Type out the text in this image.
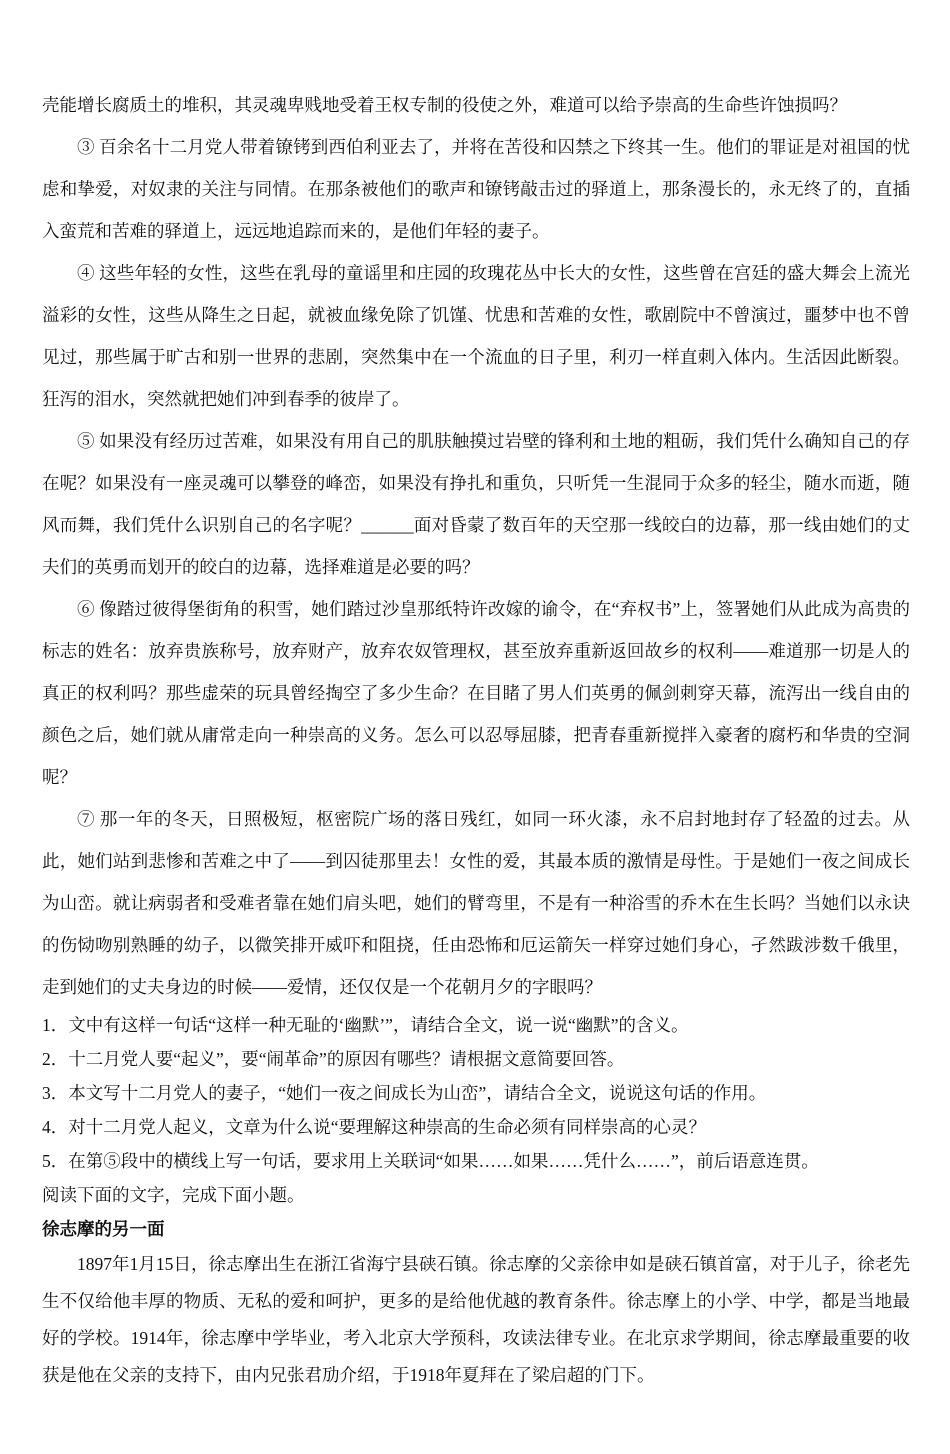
壳能增长腐质土的堆积，其灵魂卑贱地受着王权专制的役使之外，难道可以给予崇高的生命些许蚀损吗？

③ 百余名十二月党人带着镣铐到西伯利亚去了，并将在苦役和囚禁之下终其一生。他们的罪证是对祖国的忧虑和挚爱，对奴隶的关注与同情。在那条被他们的歌声和镣铐敲击过的驿道上，那条漫长的，永无终了的，直插入蛮荒和苦难的驿道上，远远地追踪而来的，是他们年轻的妻子。

④ 这些年轻的女性，这些在乳母的童谣里和庄园的玫瑰花丛中长大的女性，这些曾在宫廷的盛大舞会上流光溢彩的女性，这些从降生之日起，就被血缘免除了饥馑、忧患和苦难的女性，歌剧院中不曾演过，噩梦中也不曾见过，那些属于旷古和别一世界的悲剧，突然集中在一个流血的日子里，利刃一样直刺入体内。生活因此断裂。狂泻的泪水，突然就把她们冲到春季的彼岸了。

⑤ 如果没有经历过苦难，如果没有用自己的肌肤触摸过岩壁的锋利和土地的粗砺，我们凭什么确知自己的存在呢？如果没有一座灵魂可以攀登的峰峦，如果没有挣扎和重负，只听凭一生混同于众多的轻尘，随水而逝，随风而舞，我们凭什么识别自己的名字呢？______面对昏蒙了数百年的天空那一线皎白的边幕，那一线由她们的丈夫们的英勇而划开的皎白的边幕，选择难道是必要的吗？

⑥ 像踏过彼得堡街角的积雪，她们踏过沙皇那纸特许改嫁的谕令，在“弃权书”上，签署她们从此成为高贵的标志的姓名：放弃贵族称号，放弃财产，放弃农奴管理权，甚至放弃重新返回故乡的权利——难道那一切是人的真正的权利吗？那些虚荣的玩具曾经掏空了多少生命？在目睹了男人们英勇的佩剑刺穿天幕，流泻出一线自由的颜色之后，她们就从庸常走向一种崇高的义务。怎么可以忍辱屈膝，把青春重新搅拌入豪奢的腐朽和华贵的空洞呢？

⑦ 那一年的冬天，日照极短，枢密院广场的落日残红，如同一环火漆，永不启封地封存了轻盈的过去。从此，她们站到悲惨和苦难之中了——到囚徒那里去！女性的爱，其最本质的激情是母性。于是她们一夜之间成长为山峦。就让病弱者和受难者靠在她们肩头吧，她们的臂弯里，不是有一种浴雪的乔木在生长吗？当她们以永诀的伤恸吻别熟睡的幼子，以微笑排开威吓和阻挠，任由恐怖和厄运箭矢一样穿过她们身心，孑然跋涉数千俄里，走到她们的丈夫身边的时候——爱情，还仅仅是一个花朝月夕的字眼吗？

1．文中有这样一句话“这样一种无耻的‘幽默’”，请结合全文，说一说“幽默”的含义。

2．十二月党人要“起义”，要“闹革命”的原因有哪些？请根据文意简要回答。

3．本文写十二月党人的妻子，“她们一夜之间成长为山峦”，请结合全文，说说这句话的作用。

4．对十二月党人起义，文章为什么说“要理解这种崇高的生命必须有同样崇高的心灵？

5．在第⑤段中的横线上写一句话，要求用上关联词“如果……如果……凭什么……”，前后语意连贯。

阅读下面的文字，完成下面小题。

徐志摩的另一面

1897年1月15日，徐志摩出生在浙江省海宁县硖石镇。徐志摩的父亲徐申如是硖石镇首富，对于儿子，徐老先生不仅给他丰厚的物质、无私的爱和呵护，更多的是给他优越的教育条件。徐志摩上的小学、中学，都是当地最好的学校。1914年，徐志摩中学毕业，考入北京大学预科，攻读法律专业。在北京求学期间，徐志摩最重要的收获是他在父亲的支持下，由内兄张君劢介绍，于1918年夏拜在了梁启超的门下。
